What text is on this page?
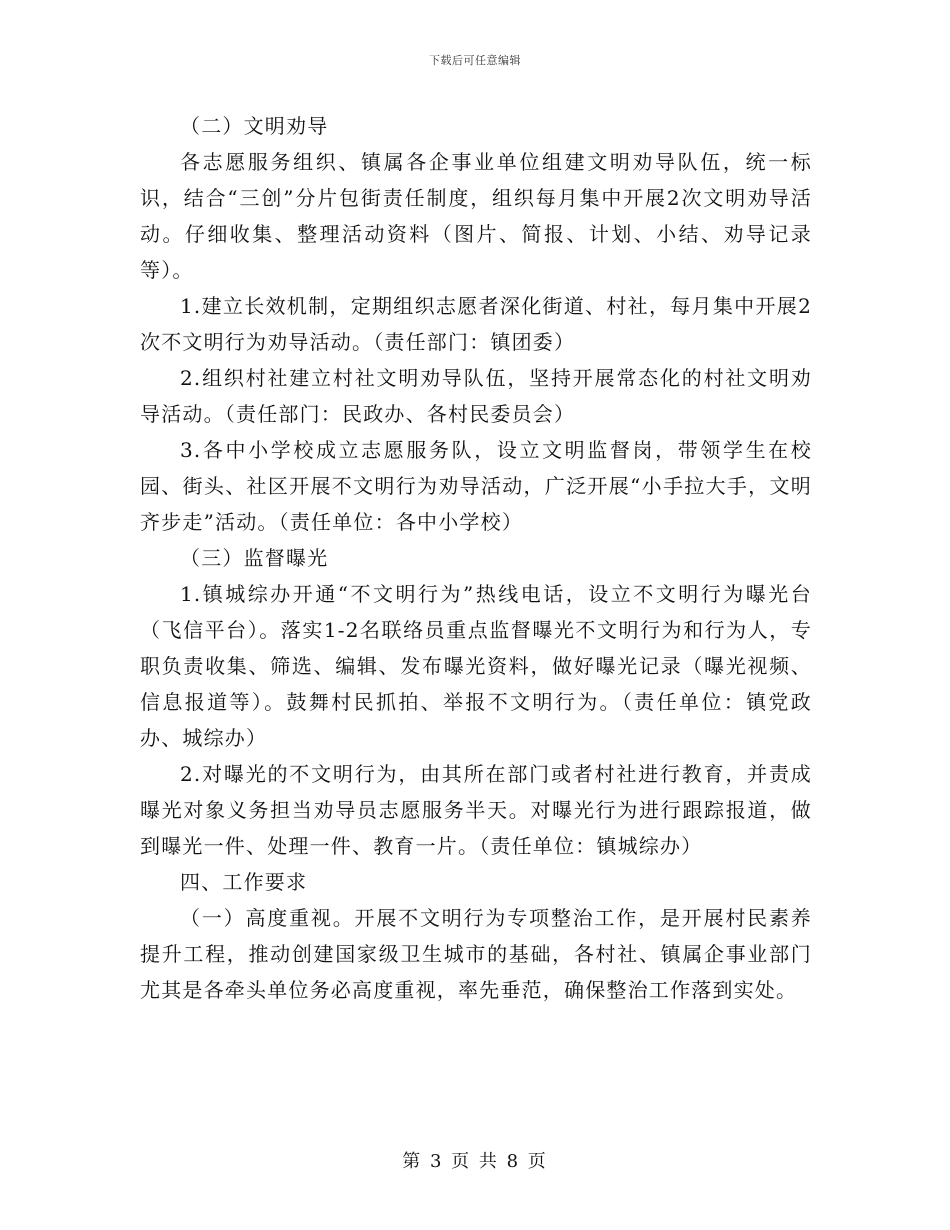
下载后可任意编辑

（二）文明劝导

各志愿服务组织、镇属各企事业单位组建文明劝导队伍，统一标识，结合“三创”分片包街责任制度，组织每月集中开展2次文明劝导活动。仔细收集、整理活动资料（图片、简报、计划、小结、劝导记录等）。

1.建立长效机制，定期组织志愿者深化街道、村社，每月集中开展2次不文明行为劝导活动。（责任部门：镇团委）

2.组织村社建立村社文明劝导队伍，坚持开展常态化的村社文明劝导活动。（责任部门：民政办、各村民委员会）

3.各中小学校成立志愿服务队，设立文明监督岗，带领学生在校园、街头、社区开展不文明行为劝导活动，广泛开展“小手拉大手，文明齐步走”活动。（责任单位：各中小学校）

（三）监督曝光

1.镇城综办开通“不文明行为”热线电话，设立不文明行为曝光台（飞信平台）。落实1-2名联络员重点监督曝光不文明行为和行为人，专职负责收集、筛选、编辑、发布曝光资料，做好曝光记录（曝光视频、信息报道等）。鼓舞村民抓拍、举报不文明行为。（责任单位：镇党政办、城综办）

2.对曝光的不文明行为，由其所在部门或者村社进行教育，并责成曝光对象义务担当劝导员志愿服务半天。对曝光行为进行跟踪报道，做到曝光一件、处理一件、教育一片。（责任单位：镇城综办）

四、工作要求

（一）高度重视。开展不文明行为专项整治工作，是开展村民素养提升工程，推动创建国家级卫生城市的基础，各村社、镇属企事业部门尤其是各牵头单位务必高度重视，率先垂范，确保整治工作落到实处。

第 3 页 共 8 页
